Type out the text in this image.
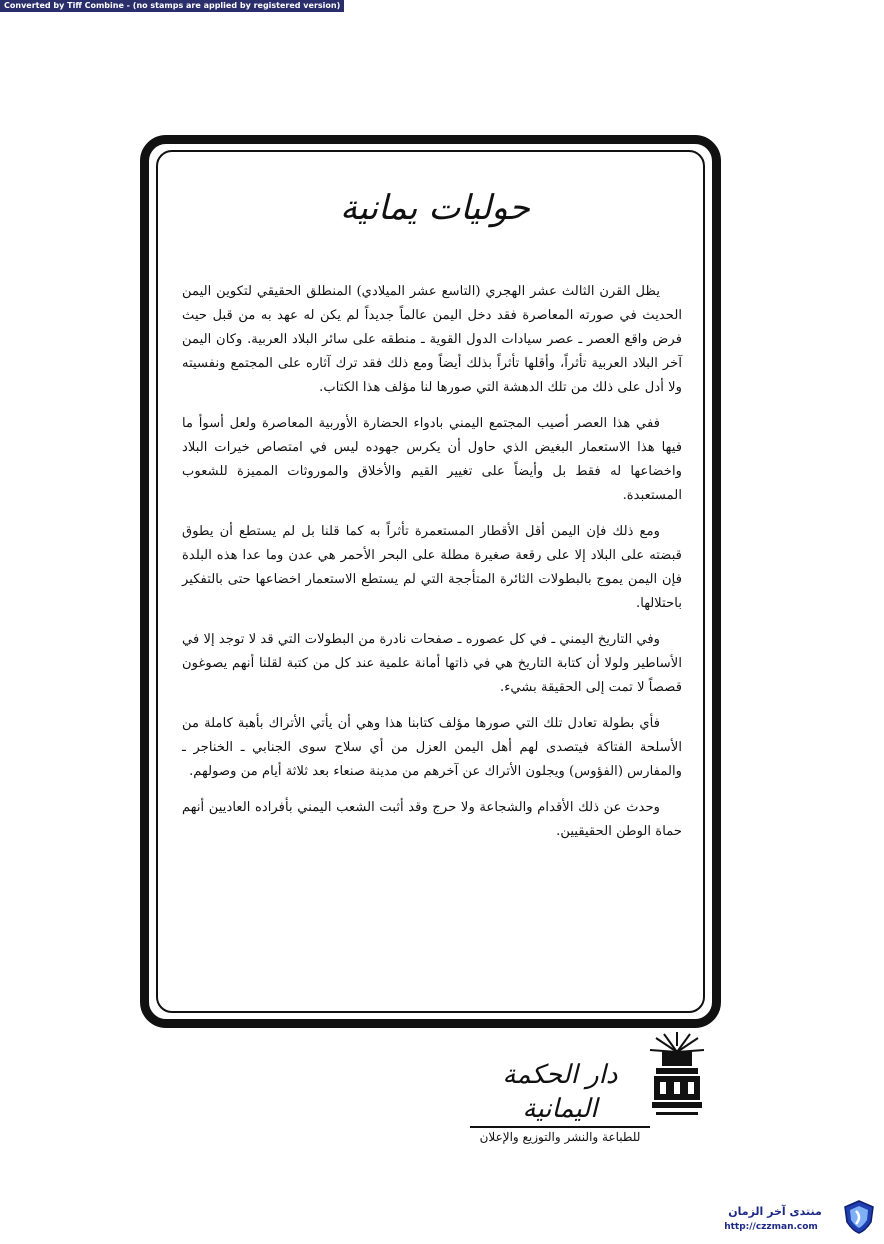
Converted by Tiff Combine - (no stamps are applied by registered version)
حوليات يمانية

يظل القرن الثالث عشر الهجري (التاسع عشر الميلادي) المنطلق الحقيقي لتكوين اليمن الحديث في صورته المعاصرة فقد دخل اليمن عالماً جديداً لم يكن له عهد به من قبل حيث فرض واقع العصر ـ عصر سيادات الدول القوية ـ منطقه على سائر البلاد العربية. وكان اليمن آخر البلاد العربية تأثراً، وأقلها تأثراً بذلك أيضاً ومع ذلك فقد ترك آثاره على المجتمع ونفسيته ولا أدل على ذلك من تلك الدهشة التي صورها لنا مؤلف هذا الكتاب.

ففي هذا العصر أصيب المجتمع اليمني بادواء الحضارة الأوربية المعاصرة ولعل أسوأ ما فيها هذا الاستعمار البغيض الذي حاول أن يكرس جهوده ليس في امتصاص خيرات البلاد واخضاعها له فقط بل وأيضاً على تغيير القيم والأخلاق والموروثات المميزة للشعوب المستعبدة.

ومع ذلك فإن اليمن أقل الأقطار المستعمرة تأثراً به كما قلنا بل لم يستطع أن يطوق قبضته على البلاد إلا على رقعة صغيرة مطلة على البحر الأحمر هي عدن وما عدا هذه البلدة فإن اليمن يموج بالبطولات الثائرة المتأججة التي لم يستطع الاستعمار اخضاعها حتى بالتفكير باحتلالها.

وفي التاريخ اليمني ـ في كل عصوره ـ صفحات نادرة من البطولات التي قد لا توجد إلا في الأساطير ولولا أن كتابة التاريخ هي في ذاتها أمانة علمية عند كل من كتبة لقلنا أنهم يصوغون قصصاً لا تمت إلى الحقيقة بشيء.

فأي بطولة تعادل تلك التي صورها مؤلف كتابنا هذا وهي أن يأتي الأتراك بأهبة كاملة من الأسلحة الفتاكة فيتصدى لهم أهل اليمن العزل من أي سلاح سوى الجنابي ـ الخناجر ـ والمفارس (الفؤوس) ويجلون الأتراك عن آخرهم من مدينة صنعاء بعد ثلاثة أيام من وصولهم.

وحدث عن ذلك الأقدام والشجاعة ولا حرج وقد أثبت الشعب اليمني بأفراده العاديين أنهم حماة الوطن الحقيقيين.

دار الحكمة اليمانية
للطباعة والنشر والتوزيع والإعلان
منتدى آخر الزمان
http://czzman.com
